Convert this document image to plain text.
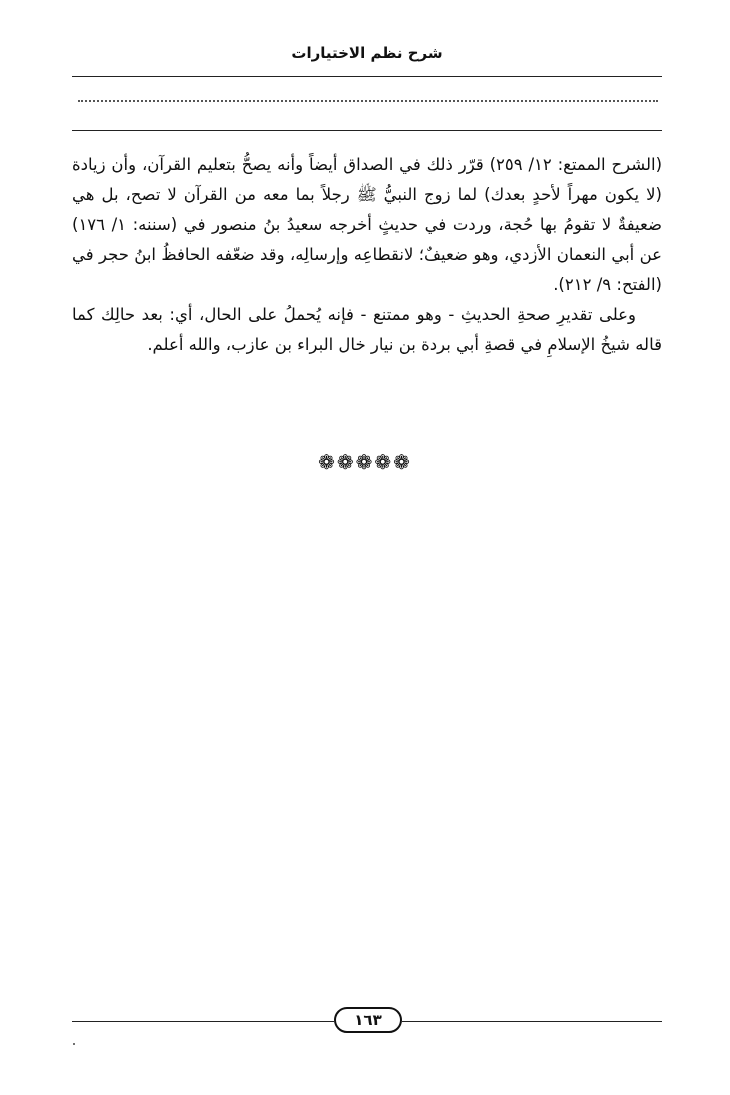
شرح نظم الاختيارات

(الشرح الممتع: ١٢/ ٢٥٩) قرّر ذلك في الصداق أيضاً وأنه يصحُّ بتعليم القرآن، وأن زيادة (لا يكون مهراً لأحدٍ بعدك) لما زوج النبيُّ ﷺ رجلاً بما معه من القرآن لا تصح، بل هي ضعيفةٌ لا تقومُ بها حُجة، وردت في حديثٍ أخرجه سعيدُ بنُ منصور في (سننه: ١/ ١٧٦) عن أبي النعمان الأزدي، وهو ضعيفٌ؛ لانقطاعِه وإرسالِه، وقد ضعّفه الحافظُ ابنُ حجر في (الفتح: ٩/ ٢١٢).

وعلى تقديرِ صحةِ الحديثِ - وهو ممتنع - فإنه يُحملُ على الحال، أي: بعد حالِك كما قاله شيخُ الإسلامِ في قصةِ أبي بردة بن نيار خال البراء بن عازب، والله أعلم.

❁❁❁❁❁
١٦٣
